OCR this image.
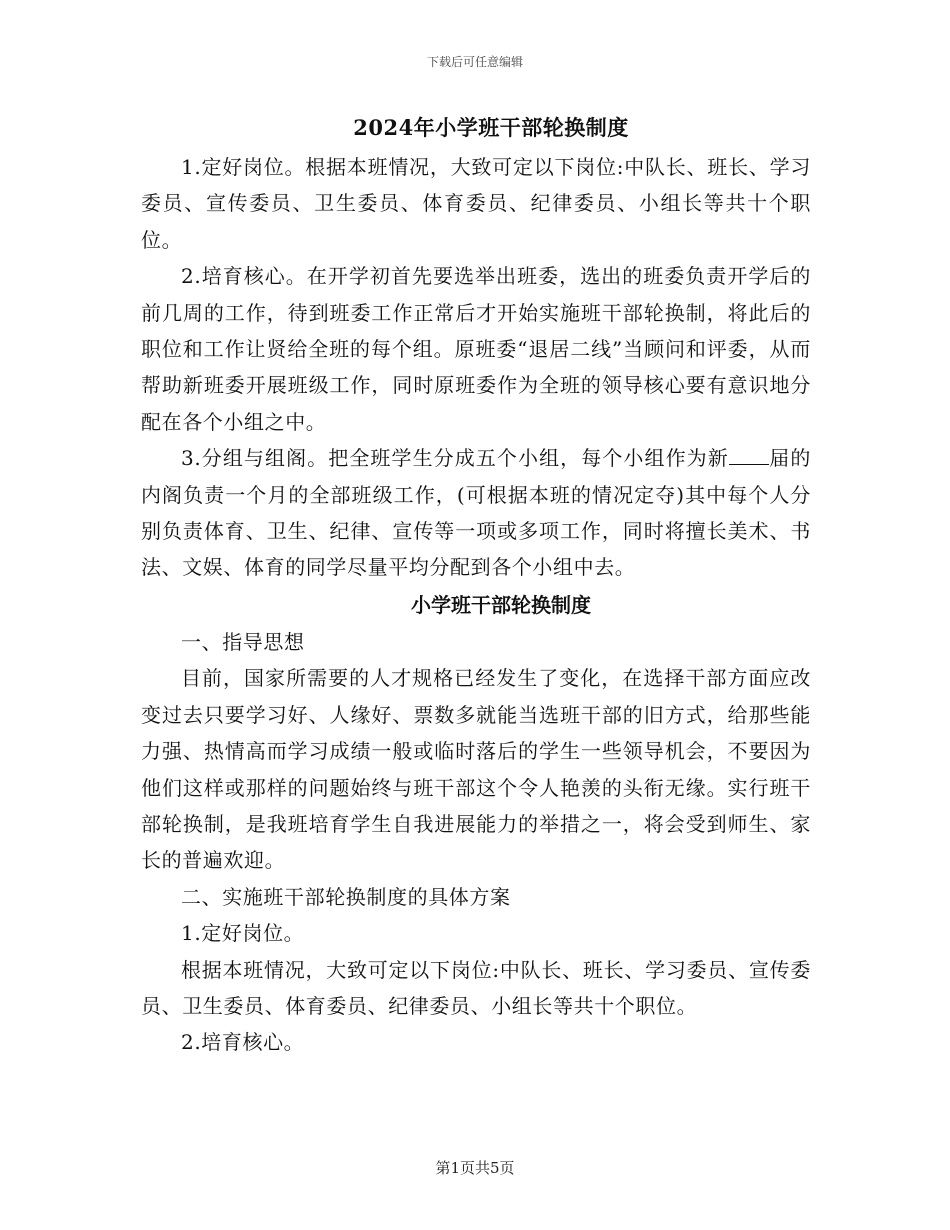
下载后可任意编辑
2024年小学班干部轮换制度

1.定好岗位。根据本班情况，大致可定以下岗位:中队长、班长、学习委员、宣传委员、卫生委员、体育委员、纪律委员、小组长等共十个职位。

2.培育核心。在开学初首先要选举出班委，选出的班委负责开学后的前几周的工作，待到班委工作正常后才开始实施班干部轮换制，将此后的职位和工作让贤给全班的每个组。原班委“退居二线”当顾问和评委，从而帮助新班委开展班级工作，同时原班委作为全班的领导核心要有意识地分配在各个小组之中。

3.分组与组阁。把全班学生分成五个小组，每个小组作为新 届的内阁负责一个月的全部班级工作，(可根据本班的情况定夺)其中每个人分别负责体育、卫生、纪律、宣传等一项或多项工作，同时将擅长美术、书法、文娱、体育的同学尽量平均分配到各个小组中去。

小学班干部轮换制度

一、指导思想

目前，国家所需要的人才规格已经发生了变化，在选择干部方面应改变过去只要学习好、人缘好、票数多就能当选班干部的旧方式，给那些能力强、热情高而学习成绩一般或临时落后的学生一些领导机会，不要因为他们这样或那样的问题始终与班干部这个令人艳羡的头衔无缘。实行班干部轮换制，是我班培育学生自我进展能力的举措之一，将会受到师生、家长的普遍欢迎。

二、实施班干部轮换制度的具体方案

1.定好岗位。

根据本班情况，大致可定以下岗位:中队长、班长、学习委员、宣传委员、卫生委员、体育委员、纪律委员、小组长等共十个职位。

2.培育核心。

第1页共5页
